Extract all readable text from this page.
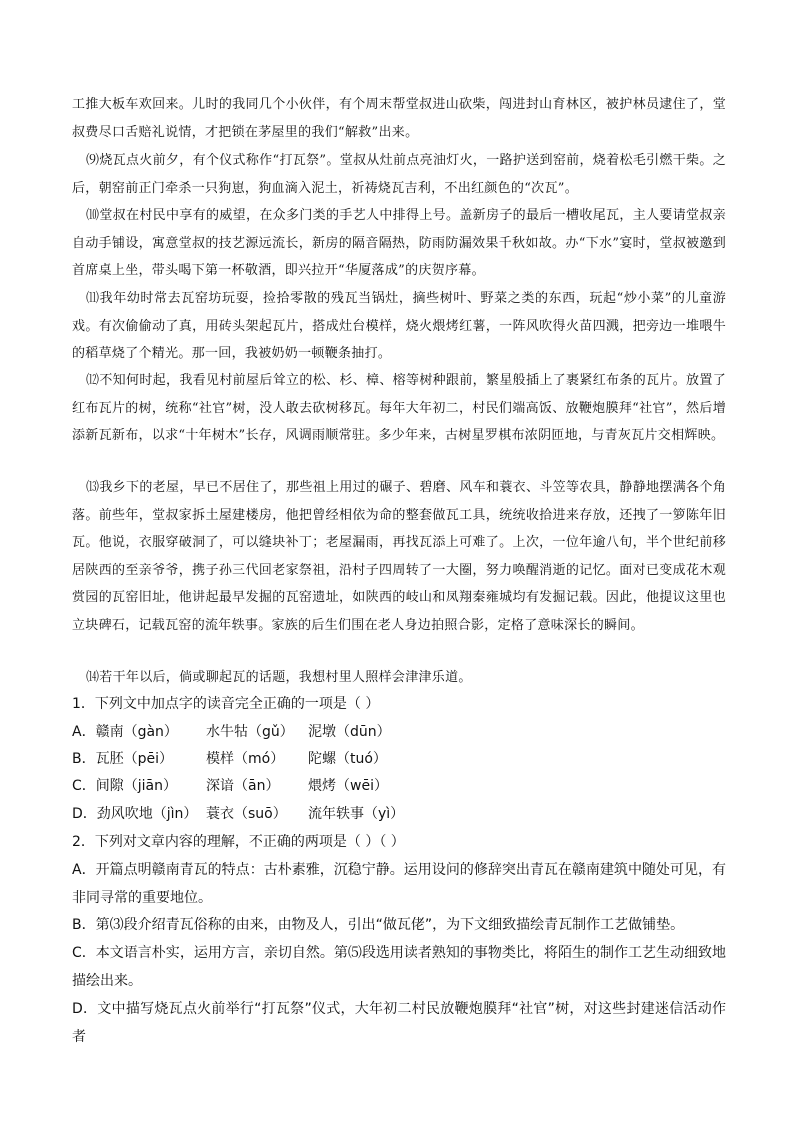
工推大板车欢回来。儿时的我同几个小伙伴，有个周末帮堂叔进山砍柴，闯进封山育林区，被护林员逮住了，堂叔费尽口舌赔礼说情，才把锁在茅屋里的我们“解救”出来。

⑼烧瓦点火前夕，有个仪式称作“打瓦祭”。堂叔从灶前点亮油灯火，一路护送到窑前，烧着松毛引燃干柴。之后，朝窑前正门牵杀一只狗崽，狗血滴入泥土，祈祷烧瓦吉利，不出红颜色的“次瓦”。

⑽堂叔在村民中享有的威望，在众多门类的手艺人中排得上号。盖新房子的最后一槽收尾瓦，主人要请堂叔亲自动手铺设，寓意堂叔的技艺源远流长，新房的隔音隔热，防雨防漏效果千秋如故。办“下水”宴时，堂叔被邀到首席桌上坐，带头喝下第一杯敬酒，即兴拉开“华厦落成”的庆贺序幕。

⑾我年幼时常去瓦窑坊玩耍，捡拾零散的残瓦当锅灶，摘些树叶、野菜之类的东西，玩起“炒小菜”的儿童游戏。有次偷偷动了真，用砖头架起瓦片，搭成灶台模样，烧火煨烤红薯，一阵风吹得火苗四溅，把旁边一堆喂牛的稻草烧了个精光。那一回，我被奶奶一顿鞭条抽打。

⑿不知何时起，我看见村前屋后耸立的松、杉、樟、榕等树种跟前，繁星般插上了裹紧红布条的瓦片。放置了红布瓦片的树，统称“社官”树，没人敢去砍树移瓦。每年大年初二，村民们端高饭、放鞭炮膜拜“社官”，然后增添新瓦新布，以求“十年树木”长存，风调雨顺常驻。多少年来，古树星罗棋布浓阴匝地，与青灰瓦片交相辉映。

⒀我乡下的老屋，早已不居住了，那些祖上用过的碾子、碧磨、风车和蓑衣、斗笠等农具，静静地摆满各个角落。前些年，堂叔家拆土屋建楼房，他把曾经相依为命的整套做瓦工具，统统收拾进来存放，还拽了一箩陈年旧瓦。他说，衣服穿破洞了，可以缝块补丁；老屋漏雨，再找瓦添上可难了。上次，一位年逾八旬，半个世纪前移居陕西的至亲爷爷，携子孙三代回老家祭祖，沿村子四周转了一大圈，努力唤醒消逝的记忆。面对已变成花木观赏园的瓦窑旧址，他讲起最早发掘的瓦窑遗址，如陕西的岐山和凤翔秦雍城均有发掘记载。因此，他提议这里也立块碑石，记载瓦窑的流年轶事。家族的后生们围在老人身边拍照合影，定格了意味深长的瞬间。

⒁若干年以后，倘或聊起瓦的话题，我想村里人照样会津津乐道。

1．下列文中加点字的读音完全正确的一项是（ ）

A．赣南（gàn）	水牛牯（gǔ）	泥墩（dūn）
B．瓦胚（pēi）	模样（mó）	陀螺（tuó）
C．间隙（jiān）	深谙（ān）	煨烤（wēi）
D．劲风吹地（jìn） 蓑衣（suō）	流年轶事（yì）

2．下列对文章内容的理解，不正确的两项是（ ）（ ）

A．开篇点明赣南青瓦的特点：古朴素雅，沉稳宁静。运用设问的修辞突出青瓦在赣南建筑中随处可见，有非同寻常的重要地位。

B．第⑶段介绍青瓦俗称的由来，由物及人，引出“做瓦佬”，为下文细致描绘青瓦制作工艺做铺垫。

C．本文语言朴实，运用方言，亲切自然。第⑸段选用读者熟知的事物类比，将陌生的制作工艺生动细致地描绘出来。

D．文中描写烧瓦点火前举行“打瓦祭”仪式，大年初二村民放鞭炮膜拜“社官”树，对这些封建迷信活动作者
